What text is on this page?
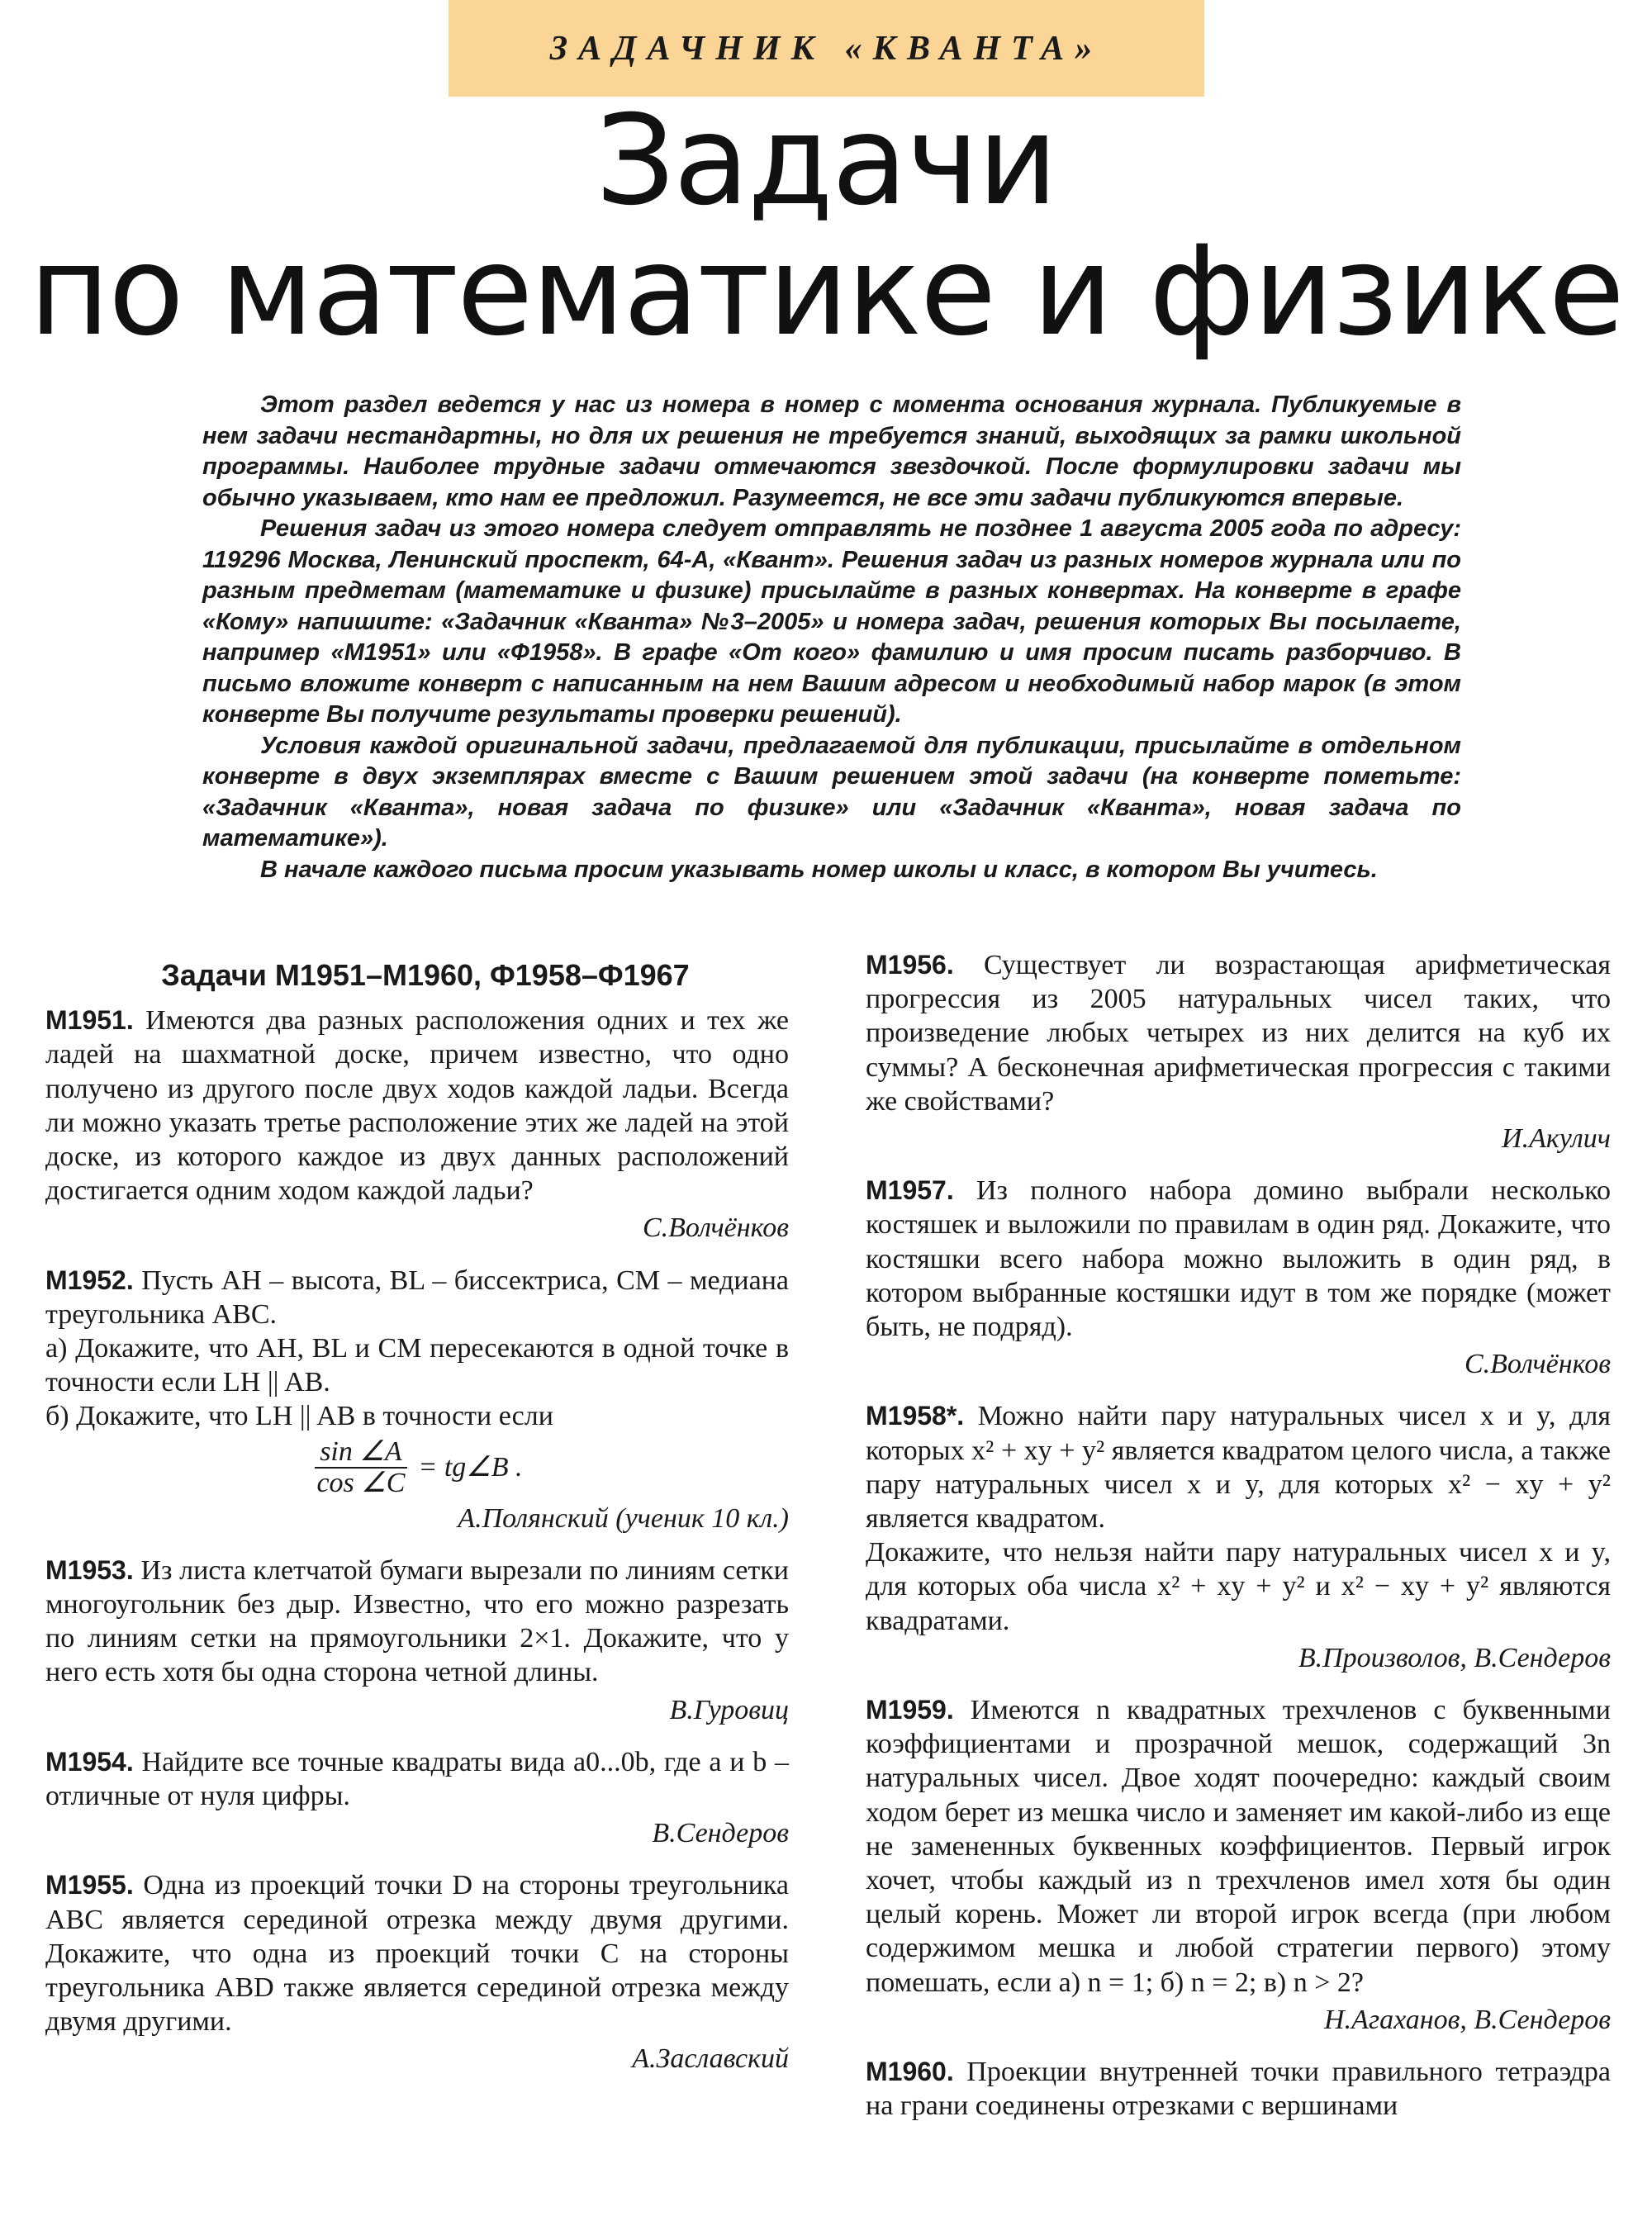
ЗАДАЧНИК «КВАНТА»
Задачи
по математике и физике

Этот раздел ведется у нас из номера в номер с момента основания журнала. Публикуемые в нем задачи нестандартны, но для их решения не требуется знаний, выходящих за рамки школьной программы. Наиболее трудные задачи отмечаются звездочкой. После формулировки задачи мы обычно указываем, кто нам ее предложил. Разумеется, не все эти задачи публикуются впервые.

Решения задач из этого номера следует отправлять не позднее 1 августа 2005 года по адресу: 119296 Москва, Ленинский проспект, 64-А, «Квант». Решения задач из разных номеров журнала или по разным предметам (математике и физике) присылайте в разных конвертах. На конверте в графе «Кому» напишите: «Задачник «Кванта» №3–2005» и номера задач, решения которых Вы посылаете, например «М1951» или «Ф1958». В графе «От кого» фамилию и имя просим писать разборчиво. В письмо вложите конверт с написанным на нем Вашим адресом и необходимый набор марок (в этом конверте Вы получите результаты проверки решений).

Условия каждой оригинальной задачи, предлагаемой для публикации, присылайте в отдельном конверте в двух экземплярах вместе с Вашим решением этой задачи (на конверте пометьте: «Задачник «Кванта», новая задача по физике» или «Задачник «Кванта», новая задача по математике»).

В начале каждого письма просим указывать номер школы и класс, в котором Вы учитесь.

Задачи М1951–М1960, Ф1958–Ф1967

М1951. Имеются два разных расположения одних и тех же ладей на шахматной доске, причем известно, что одно получено из другого после двух ходов каждой ладьи. Всегда ли можно указать третье расположение этих же ладей на этой доске, из которого каждое из двух данных расположений достигается одним ходом каждой ладьи?

С.Волчёнков

М1952. Пусть AH – высота, BL – биссектриса, CM – медиана треугольника ABC.

а) Докажите, что AH, BL и CM пересекаются в одной точке в точности если LH || AB.

б) Докажите, что LH || AB в точности если

$\frac{\sin \angle A}{\cos \angle C}$ = tg∠B .
А.Полянский (ученик 10 кл.)

М1953. Из листа клетчатой бумаги вырезали по линиям сетки многоугольник без дыр. Известно, что его можно разрезать по линиям сетки на прямоугольники 2×1. Докажите, что у него есть хотя бы одна сторона четной длины.

В.Гуровиц

М1954. Найдите все точные квадраты вида a0...0b, где a и b – отличные от нуля цифры.

В.Сендеров

М1955. Одна из проекций точки D на стороны треугольника ABC является серединой отрезка между двумя другими. Докажите, что одна из проекций точки C на стороны треугольника ABD также является серединой отрезка между двумя другими.

А.Заславский

М1956. Существует ли возрастающая арифметическая прогрессия из 2005 натуральных чисел таких, что произведение любых четырех из них делится на куб их суммы? А бесконечная арифметическая прогрессия с такими же свойствами?

И.Акулич

М1957. Из полного набора домино выбрали несколько костяшек и выложили по правилам в один ряд. Докажите, что костяшки всего набора можно выложить в один ряд, в котором выбранные костяшки идут в том же порядке (может быть, не подряд).

С.Волчёнков

М1958*. Можно найти пару натуральных чисел x и y, для которых x² + xy + y² является квадратом целого числа, а также пару натуральных чисел x и y, для которых x² − xy + y² является квадратом.

Докажите, что нельзя найти пару натуральных чисел x и y, для которых оба числа x² + xy + y² и x² − xy + y² являются квадратами.

В.Произволов, В.Сендеров

М1959. Имеются n квадратных трехчленов с буквенными коэффициентами и прозрачной мешок, содержащий 3n натуральных чисел. Двое ходят поочередно: каждый своим ходом берет из мешка число и заменяет им какой-либо из еще не замененных буквенных коэффициентов. Первый игрок хочет, чтобы каждый из n трехчленов имел хотя бы один целый корень. Может ли второй игрок всегда (при любом содержимом мешка и любой стратегии первого) этому помешать, если а) n = 1; б) n = 2; в) n > 2?

Н.Агаханов, В.Сендеров

М1960. Проекции внутренней точки правильного тетраэдра на грани соединены отрезками с вершинами
